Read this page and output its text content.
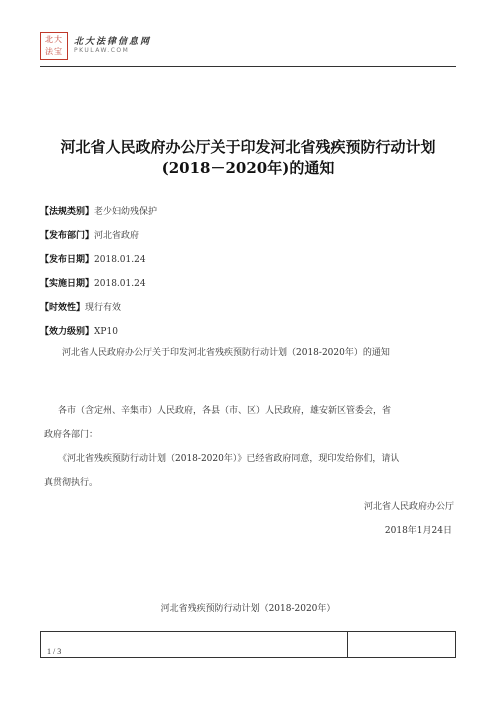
北大法宝
北大法律信息网
PKULAW.COM
河北省人民政府办公厅关于印发河北省残疾预防行动计划
(2018－2020年)的通知
【法规类别】老少妇幼残保护
【发布部门】河北省政府
【发布日期】2018.01.24
【实施日期】2018.01.24
【时效性】现行有效
【效力级别】XP10
河北省人民政府办公厅关于印发河北省残疾预防行动计划（2018-2020年）的通知
各市（含定州、辛集市）人民政府，各县（市、区）人民政府，雄安新区管委会，省
政府各部门：
《河北省残疾预防行动计划（2018-2020年）》已经省政府同意，现印发给你们，请认
真贯彻执行。
河北省人民政府办公厅
2018年1月24日
河北省残疾预防行动计划（2018-2020年）
1 / 3
